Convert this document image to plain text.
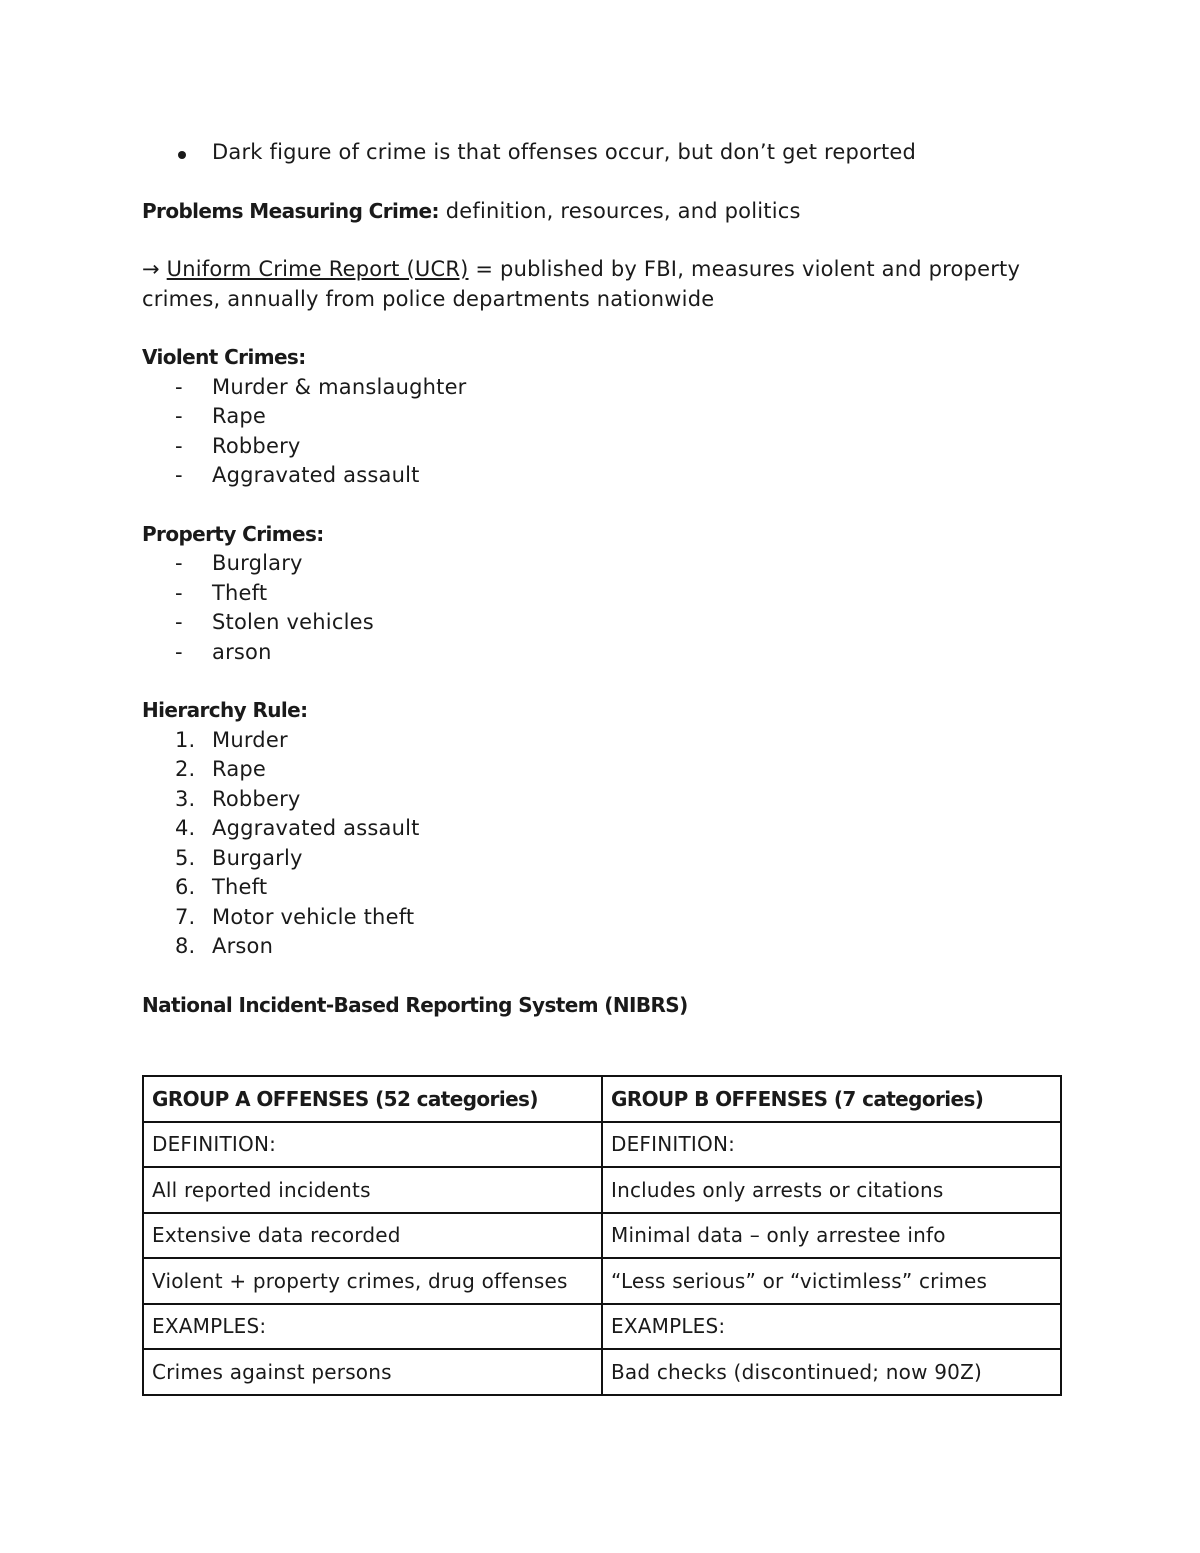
Dark figure of crime is that offenses occur, but don’t get reported
Problems Measuring Crime: definition, resources, and politics
→ Uniform Crime Report (UCR) = published by FBI, measures violent and property
crimes, annually from police departments nationwide
Violent Crimes:
-	Murder & manslaughter
-	Rape
-	Robbery
-	Aggravated assault
Property Crimes:
-	Burglary
-	Theft
-	Stolen vehicles
-	arson
Hierarchy Rule:
1. Murder
2. Rape
3. Robbery
4. Aggravated assault
5. Burgarly
6. Theft
7. Motor vehicle theft
8. Arson
National Incident-Based Reporting System (NIBRS)
GROUP A OFFENSES (52 categories)	GROUP B OFFENSES (7 categories)
DEFINITION:	DEFINITION:
All reported incidents	Includes only arrests or citations
Extensive data recorded	Minimal data – only arrestee info
Violent + property crimes, drug offenses	“Less serious” or “victimless” crimes
EXAMPLES:	EXAMPLES:
Crimes against persons	Bad checks (discontinued; now 90Z)
